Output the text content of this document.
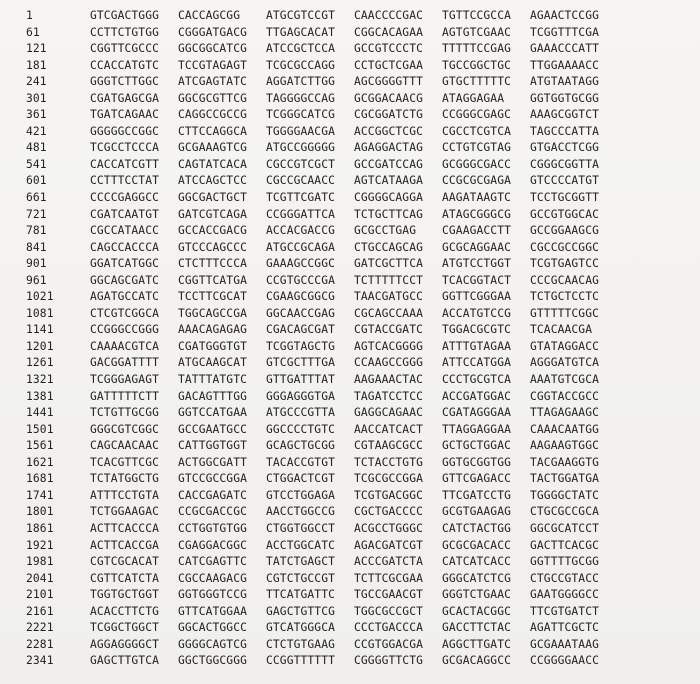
1	GTCGACTGGG	CACCAGCGG	ATGCGTCCGT	CAACCCCGAC	TGTTCCGCCA	AGAACTCCGG
61	CCTTCTGTGG	CGGGATGACG	TTGAGCACAT	CGGCACAGAA	AGTGTCGAAC	TCGGTTTCGA
121	CGGTTCGCCC	GGCGGCATCG	ATCCGCTCCA	GCCGTCCCTC	TTTTTCCGAG	GAAACCCATT
181	CCACCATGTC	TCCGTAGAGT	TCGCGCCAGG	CCTGCTCGAA	TGCCGGCTGC	TTGGAAAACC
241	GGGTCTTGGC	ATCGAGTATC	AGGATCTTGG	AGCGGGGTTT	GTGCTTTTTC	ATGTAATAGG
301	CGATGAGCGA	GGCGCGTTCG	TAGGGGCCAG	GCGGACAACG	ATAGGAGAA	GGTGGTGCGG
361	TGATCAGAAC	CAGGCCGCCG	TCGGGCATCG	CGCGGATCTG	CCGGGCGAGC	AAAGCGGTCT
421	GGGGGCCGGC	CTTCCAGGCA	TGGGGAACGA	ACCGGCTCGC	CGCCTCGTCA	TAGCCCATTA
481	TCGCCTCCCA	GCGAAAGTCG	ATGCCGGGGG	AGAGGACTAG	CCTGTCGTAG	GTGACCTCGG
541	CACCATCGTT	CAGTATCACA	CGCCGTCGCT	GCCGATCCAG	GCGGGCGACC	CGGGCGGTTA
601	CCTTTCCTAT	ATCCAGCTCC	CGCCGCAACC	AGTCATAAGA	CCGCGCGAGA	GTCCCCATGT
661	CCCCGAGGCC	GGCGACTGCT	TCGTTCGATC	CGGGGCAGGA	AAGATAAGTC	TCCTGCGGTT
721	CGATCAATGT	GATCGTCAGA	CCGGGATTCA	TCTGCTTCAG	ATAGCGGGCG	GCCGTGGCAC
781	CGCCATAACC	GCCACCGACG	ACCACGACCG	GCGCCTGAG	CGAAGACCTT	GCCGGAAGCG
841	CAGCCACCCA	GTCCCAGCCC	ATGCCGCAGA	CTGCCAGCAG	GCGCAGGAAC	CGCCGCCGGC
901	GGATCATGGC	CTCTTTCCCA	GAAAGCCGGC	GATCGCTTCA	ATGTCCTGGT	TCGTGAGTCC
961	GGCAGCGATC	CGGTTCATGA	CCGTGCCCGA	TCTTTTTCCT	TCACGGTACT	CCCGCAACAG
1021	AGATGCCATC	TCCTTCGCAT	CGAAGCGGCG	TAACGATGCC	GGTTCGGGAA	TCTGCTCCTC
1081	CTCGTCGGCA	TGGCAGCCGA	GGCAACCGAG	CGCAGCCAAA	ACCATGTCCG	GTTTTTCGGC
1141	CCGGGCCGGG	AAACAGAGAG	CGACAGCGAT	CGTACCGATC	TGGACGCGTC	TCACAACGA
1201	CAAAACGTCA	CGATGGGTGT	TCGGTAGCTG	AGTCACGGGG	ATTTGTAGAA	GTATAGGACC
1261	GACGGATTTT	ATGCAAGCAT	GTCGCTTTGA	CCAAGCCGGG	ATTCCATGGA	AGGGATGTCA
1321	TCGGGAGAGT	TATTTATGTC	GTTGATTTAT	AAGAAACTAC	CCCTGCGTCA	AAATGTCGCA
1381	GATTTTTCTT	GACAGTTTGG	GGGAGGGTGA	TAGATCCTCC	ACCGATGGAC	CGGTACCGCC
1441	TCTGTTGCGG	GGTCCATGAA	ATGCCCGTTA	GAGGCAGAAC	CGATAGGGAA	TTAGAGAAGC
1501	GGGCGTCGGC	GCCGAATGCC	GGCCCCTGTC	AACCATCACT	TTAGGAGGAA	CAAACAATGG
1561	CAGCAACAAC	CATTGGTGGT	GCAGCTGCGG	CGTAAGCGCC	GCTGCTGGAC	AAGAAGTGGC
1621	TCACGTTCGC	ACTGGCGATT	TACACCGTGT	TCTACCTGTG	GGTGCGGTGG	TACGAAGGTG
1681	TCTATGGCTG	GTCCGCCGGA	CTGGACTCGT	TCGCGCCGGA	GTTCGAGACC	TACTGGATGA
1741	ATTTCCTGTA	CACCGAGATC	GTCCTGGAGA	TCGTGACGGC	TTCGATCCTG	TGGGGCTATC
1801	TCTGGAAGAC	CCGCGACCGC	AACCTGGCCG	CGCTGACCCC	GCGTGAAGAG	CTGCGCCGCA
1861	ACTTCACCCA	CCTGGTGTGG	CTGGTGGCCT	ACGCCTGGGC	CATCTACTGG	GGCGCATCCT
1921	ACTTCACCGA	CGAGGACGGC	ACCTGGCATC	AGACGATCGT	GCGCGACACC	GACTTCACGC
1981	CGTCGCACAT	CATCGAGTTC	TATCTGAGCT	ACCCGATCTA	CATCATCACC	GGTTTTGCGG
2041	CGTTCATCTA	CGCCAAGACG	CGTCTGCCGT	TCTTCGCGAA	GGGCATCTCG	CTGCCGTACC
2101	TGGTGCTGGT	GGTGGGTCCG	TTCATGATTC	TGCCGAACGT	GGGTCTGAAC	GAATGGGGCC
2161	ACACCTTCTG	GTTCATGGAA	GAGCTGTTCG	TGGCGCCGCT	GCACTACGGC	TTCGTGATCT
2221	TCGGCTGGCT	GGCACTGGCC	GTCATGGGCA	CCCTGACCCA	GACCTTCTAC	AGATTCGCTC
2281	AGGAGGGGCT	GGGGCAGTCG	CTCTGTGAAG	CCGTGGACGA	AGGCTTGATC	GCGAAATAAG
2341	GAGCTTGTCA	GGCTGGCGGG	CCGGTTTTTT	CGGGGTTCTG	GCGACAGGCC	CCGGGGAACC
